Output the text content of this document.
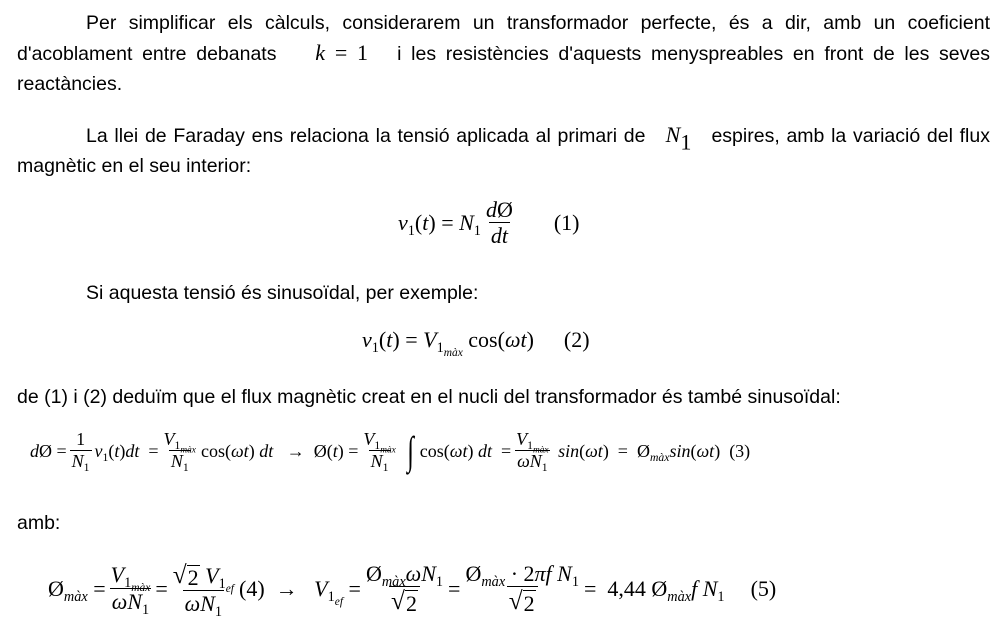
Per simplificar els càlculs, considerarem un transformador perfecte, és a dir, amb un coeficient d'acoblament entre debanats k = 1 i les resistències d'aquests menyspreables en front de les seves reactàncies.

La llei de Faraday ens relaciona la tensió aplicada al primari de $N_1$ espires, amb la variació del flux magnètic en el seu interior:

$v_1(t) = N_1 \frac{dØ}{dt} (1)$

Si aquesta tensió és sinusoïdal, per exemple:

$v_1(t) = V_{1_{màx}}$ cos(ωt) (2)

de (1) i (2) deduïm que el flux magnètic creat en el nucli del transformador és també sinusoïdal:

dØ = $\frac{1}{N_1} v_1(t)dt = \frac{V_{1_{màx}}}{N_1} \cos(\omega t)$ dt   →  Ø(t) = $\frac{V_{1_{màx}}}{N_1}$ ∫ cos(ωt) dt  = $\frac{V_{1_{màx}}}{\omega N_1} \sin(\omega t)$  =  $Ø_{màx}\sin(\omega t)$ (3)

amb:

$Ø_{màx} = \frac{V_{1_{màx}}}{\omega N_1} = \frac{√ 2 V_{1_{ef}}}{\omega N_1} (4) \to V_{1_{ef}} = \frac{Ø_{màx}\omega N_1}{√ 2} = \frac{Ø_{màx} \cdot 2\pi f N_1}{√ 2} = 4,44$ $Ø_{màx}f$ $N_1$ (5)
